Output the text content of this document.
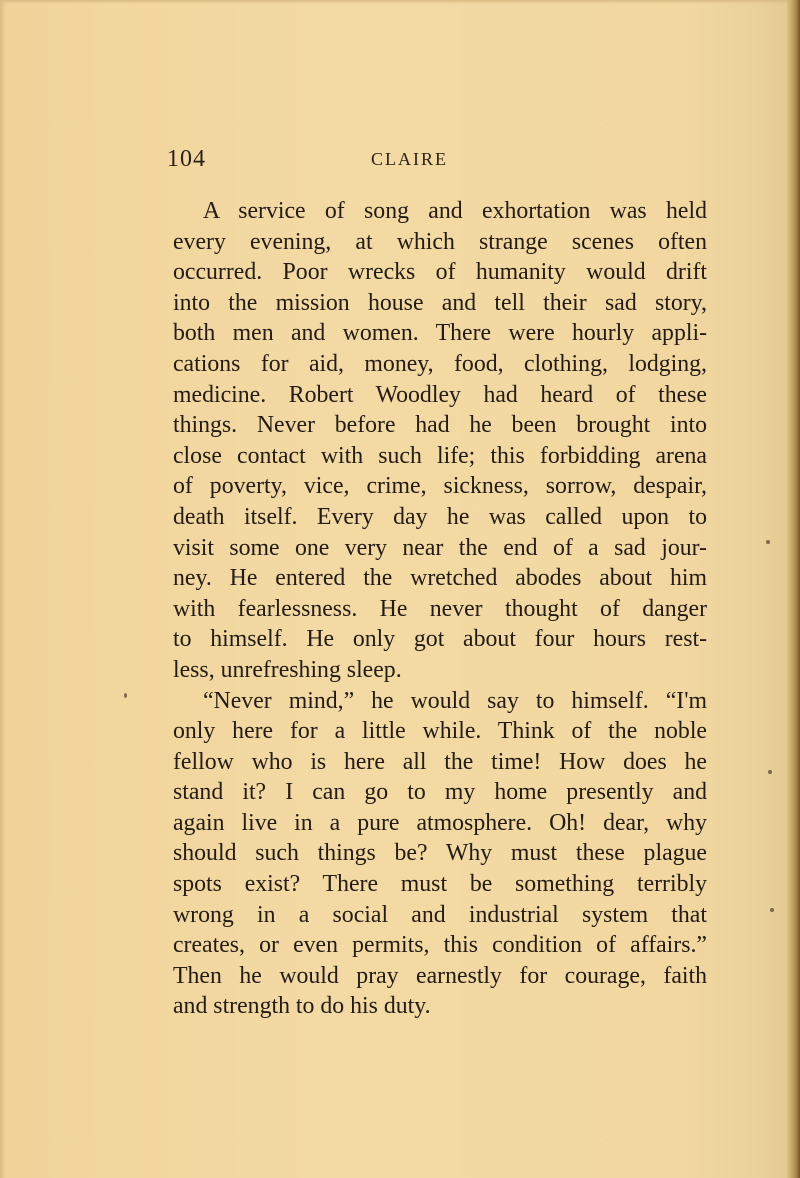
104	CLAIRE
A service of song and exhortation was held
every evening, at which strange scenes often
occurred. Poor wrecks of humanity would drift
into the mission house and tell their sad story,
both men and women. There were hourly appli-
cations for aid, money, food, clothing, lodging,
medicine. Robert Woodley had heard of these
things. Never before had he been brought into
close contact with such life; this forbidding arena
of poverty, vice, crime, sickness, sorrow, despair,
death itself. Every day he was called upon to
visit some one very near the end of a sad jour-
ney. He entered the wretched abodes about him
with fearlessness. He never thought of danger
to himself. He only got about four hours rest-
less, unrefreshing sleep.
“Never mind,” he would say to himself. “I'm
only here for a little while. Think of the noble
fellow who is here all the time! How does he
stand it? I can go to my home presently and
again live in a pure atmosphere. Oh! dear, why
should such things be? Why must these plague
spots exist? There must be something terribly
wrong in a social and industrial system that
creates, or even permits, this condition of affairs.”
Then he would pray earnestly for courage, faith
and strength to do his duty.
